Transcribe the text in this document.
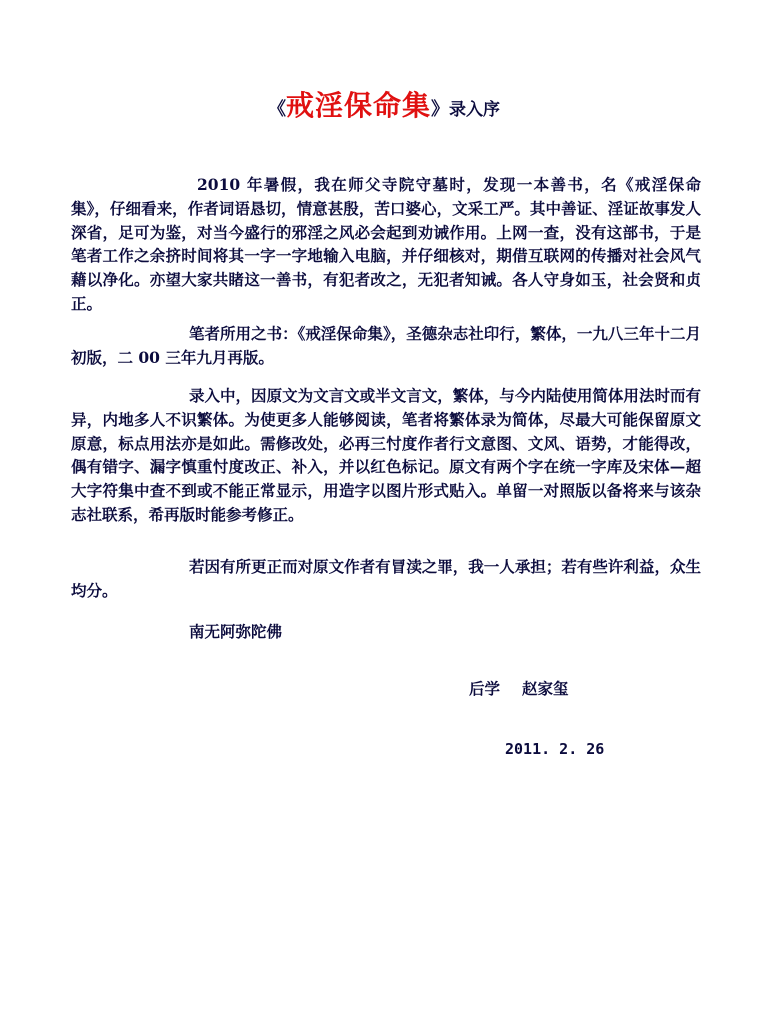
《戒淫保命集》录入序

2010 年暑假，我在师父寺院守墓时，发现一本善书，名《戒淫保命集》，仔细看来，作者词语恳切，情意甚殷，苦口婆心，文采工严。其中善证、淫证故事发人深省，足可为鉴，对当今盛行的邪淫之风必会起到劝诫作用。上网一查，没有这部书，于是笔者工作之余挤时间将其一字一字地输入电脑，并仔细核对，期借互联网的传播对社会风气藉以净化。亦望大家共睹这一善书，有犯者改之，无犯者知诫。各人守身如玉，社会贤和贞正。

笔者所用之书：《戒淫保命集》，圣德杂志社印行，繁体，一九八三年十二月初版，二 00 三年九月再版。

录入中，因原文为文言文或半文言文，繁体，与今内陆使用简体用法时而有异，内地多人不识繁体。为使更多人能够阅读，笔者将繁体录为简体，尽最大可能保留原文原意，标点用法亦是如此。需修改处，必再三忖度作者行文意图、文风、语势，才能得改，偶有错字、漏字慎重忖度改正、补入，并以红色标记。原文有两个字在统一字库及宋体—超大字符集中查不到或不能正常显示，用造字以图片形式贴入。单留一对照版以备将来与该杂志社联系，希再版时能参考修正。

若因有所更正而对原文作者有冒渎之罪，我一人承担；若有些许利益，众生均分。

南无阿弥陀佛
后学 赵家玺
2011. 2. 26
